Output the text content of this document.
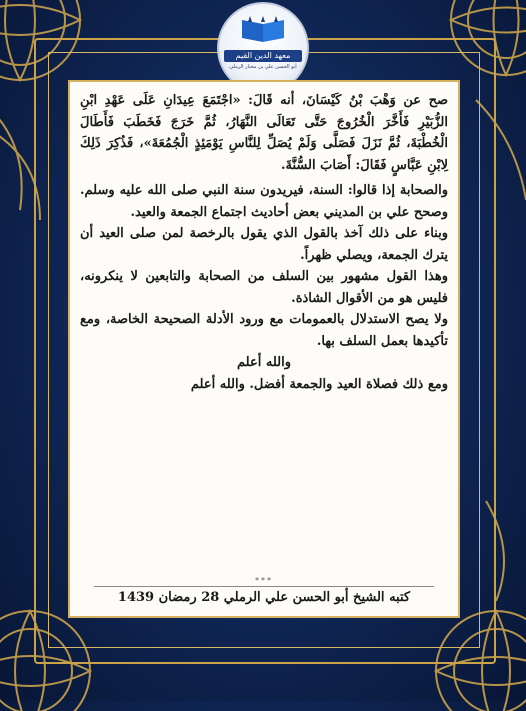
معهد الدين القيم
أبو الحسن علي بن مختار الرملي

صح عن وَهْبَ بْنُ كَيْسَانَ، أنه قَالَ: «اجْتَمَعَ عِيدَانِ عَلَى عَهْدِ ابْنِ الزُّبَيْرِ فَأَخَّرَ الْخُرُوجَ حَتَّى تَعَالَى النَّهَارُ، ثُمَّ خَرَجَ فَخَطَبَ فَأَطَالَ الْخُطْبَةَ، ثُمَّ نَزَلَ فَصَلَّى وَلَمْ يُصَلِّ لِلنَّاسِ يَوْمَئِذٍ الْجُمُعَةَ»، فَذُكِرَ ذَلِكَ لِابْنِ عَبَّاسٍ فَقَالَ: أَصَابَ السُّنَّةَ.

والصحابة إذا قالوا: السنة، فيريدون سنة النبي صلى الله عليه وسلم. وصحح علي بن المديني بعض أحاديث اجتماع الجمعة والعيد.

وبناء على ذلك آخذ بالقول الذي يقول بالرخصة لمن صلى العيد أن يترك الجمعة، ويصلي ظهراً.

وهذا القول مشهور بين السلف من الصحابة والتابعين لا ينكرونه، فليس هو من الأقوال الشاذة.

ولا يصح الاستدلال بالعمومات مع ورود الأدلة الصحيحة الخاصة، ومع تأكيدها بعمل السلف بها.

والله أعلم

ومع ذلك فصلاة العيد والجمعة أفضل. والله أعلم

***
كتبه الشيخ أبو الحسن علي الرملي 28 رمضان 1439
